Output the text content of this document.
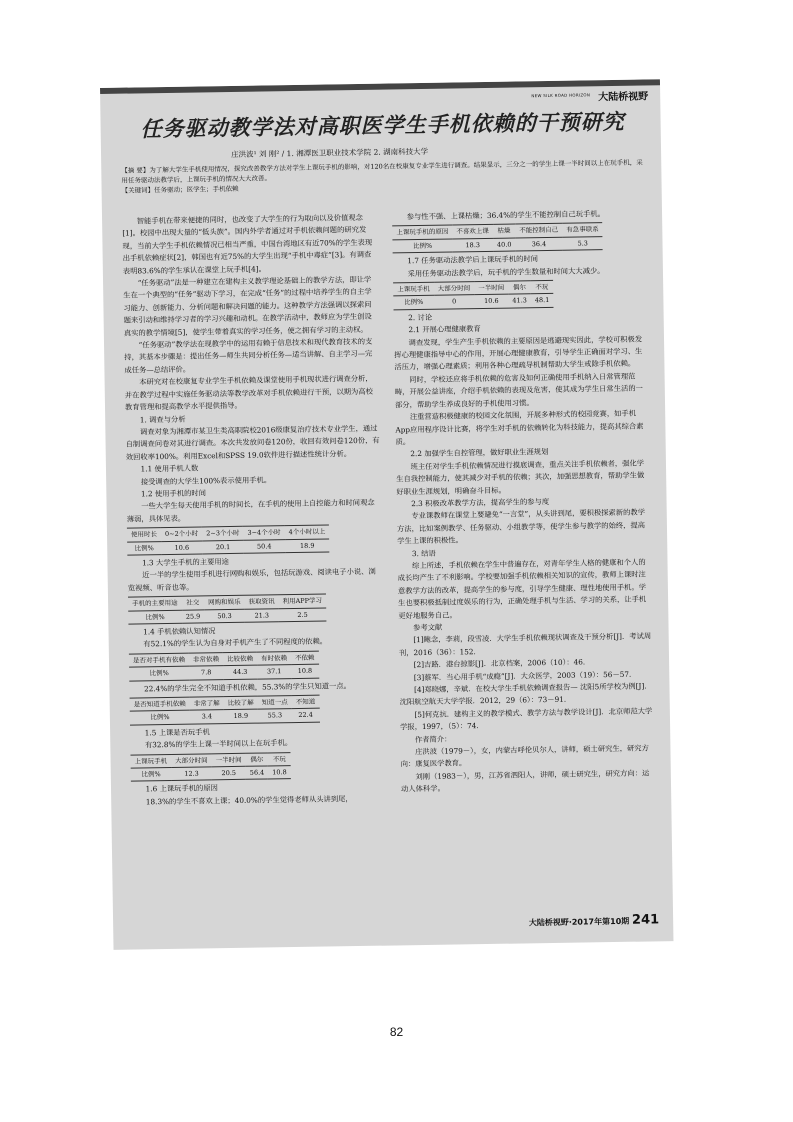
NEW SILK ROAD HORIZON 大陆桥视野
任务驱动教学法对高职医学生手机依赖的干预研究
庄洪波¹ 刘 刚² / 1. 湘潭医卫职业技术学院 2. 湖南科技大学
【摘 要】为了解大学生手机使用情况，探究改善教学方法对学生上课玩手机的影响，对120名在校康复专业学生进行调查。结果显示，三分之一的学生上课一半时间以上在玩手机，采用任务驱动法教学后，上课玩手机的情况大大改善。
【关键词】任务驱动；医学生；手机依赖

智能手机在带来便捷的同时，也改变了大学生的行为取向以及价值观念[1]。校园中出现大量的“低头族”。国内外学者通过对手机依赖问题的研究发现，当前大学生手机依赖情况已相当严重，中国台湾地区有近70%的学生表现出手机依赖症状[2]，韩国也有近75%的大学生出现“手机中毒症”[3]。有调查表明83.6%的学生承认在课堂上玩手机[4]。

“任务驱动”法是一种建立在建构主义教学理论基础上的教学方法，即让学生在一个典型的“任务”驱动下学习，在完成“任务”的过程中培养学生的自主学习能力、创新能力、分析问题和解决问题的能力。这种教学方法强调以探索问题来引动和维持学习者的学习兴趣和动机。在教学活动中，教师应为学生创设真实的教学情境[5]，使学生带着真实的学习任务，使之拥有学习的主动权。

“任务驱动”教学法在现教学中的运用有赖于信息技术和现代教育技术的支持，其基本步骤是：提出任务—师生共同分析任务—适当讲解、自主学习—完成任务—总结评价。

本研究对在校康复专业学生手机依赖及课堂使用手机现状进行调查分析，并在教学过程中实施任务驱动法等教学改革对手机依赖进行干预，以期为高校教育管理和提高教学水平提供指导。

1. 调查与分析

调查对象为湘潭市某卫生类高职院校2016级康复治疗技术专业学生，通过自制调查问卷对其进行调查。本次共发放问卷120份，收回有效问卷120份，有效回收率100%。利用Excel和SPSS 19.0软件进行描述性统计分析。

1.1 使用手机人数

接受调查的大学生100%表示使用手机。

1.2 使用手机的时间

一些大学生每天使用手机的时间长，在手机的使用上自控能力和时间观念薄弱，具体见表。

使用时长	0~2个小时	2~3个小时	3~4个小时	4个小时以上
比例%	10.6	20.1	50.4	18.9

1.3 大学生手机的主要用途

近一半的学生使用手机进行网购和娱乐，包括玩游戏、阅读电子小说、浏览视频、听音也等。

手机的主要用途	社交	网购和娱乐	获取资讯	利用APP学习
比例%	25.9	50.3	21.3	2.5

1.4 手机依赖认知情况

有52.1%的学生认为自身对手机产生了不同程度的依赖。

是否对手机有依赖	非常依赖	比较依赖	有时依赖	不依赖
比例%	7.8	44.3	37.1	10.8

22.4%的学生完全不知道手机依赖，55.3%的学生只知道一点。

是否知道手机依赖	非常了解	比较了解	知道一点	不知道
比例%	3.4	18.9	55.3	22.4

1.5 上课是否玩手机

有32.8%的学生上课一半时间以上在玩手机。

上课玩手机	大部分时间	一半时间	偶尔	不玩
比例%	12.3	20.5	56.4	10.8

1.6 上课玩手机的原因

18.3%的学生不喜欢上课；40.0%的学生觉得老师从头讲到尾，

参与性不强、上课枯燥；36.4%的学生不能控制自己玩手机。

上课玩手机的原因	不喜欢上课	枯燥	不能控制自己	有急事联系
比例%	18.3	40.0	36.4	5.3

1.7 任务驱动法教学后上课玩手机的时间

采用任务驱动法教学后，玩手机的学生数量和时间大大减少。

上课玩手机	大部分时间	一半时间	偶尔	不玩
比例%	0	10.6	41.3	48.1

2. 讨论

2.1 开展心理健康教育

调查发现，学生产生手机依赖的主要原因是逃避现实因此，学校可积极发挥心理健康指导中心的作用，开展心理健康教育，引导学生正确面对学习、生活压力，增强心理素质；利用各种心理疏导机制帮助大学生戒除手机依赖。

同时，学校还应将手机依赖的危害及如何正确使用手机纳入日常管理范畴，开展公益讲座，介绍手机依赖的表现及危害，使其成为学生日常生活的一部分，帮助学生养成良好的手机使用习惯。

注重营造积极健康的校园文化氛围，开展多种形式的校园竞赛，如手机App应用程序设计比赛，将学生对手机的依赖转化为科技能力，提高其综合素质。

2.2 加强学生自控管理，做好职业生涯规划

班主任对学生手机依赖情况进行摸底调查，重点关注手机依赖者，强化学生自我控制能力，使其减少对手机的依赖；其次，加强思想教育，帮助学生做好职业生涯规划，明确奋斗目标。

2.3 积极改革教学方法，提高学生的参与度

专业课教师在课堂上要避免“一言堂”，从头讲到尾，要积极探索新的教学方法，比如案例教学、任务驱动、小组教学等，使学生参与教学的始终，提高学生上课的积极性。

3. 结语

综上所述，手机依赖在学生中普遍存在，对青年学生人格的健康和个人的成长均产生了不利影响。学校要加强手机依赖相关知识的宣传，教师上课时注意教学方法的改革，提高学生的参与度，引导学生健康、理性地使用手机。学生也要积极抵制过度娱乐的行为，正确处理手机与生活、学习的关系，让手机更好地服务自己。

参考文献

[1]鲍念，李莉，段雪凌．大学生手机依赖现状调查及干预分析[J]．考试周刊，2016（36）：152．

[2]吉路．港台掠影[J]．北京档案，2006（10）：46．

[3]蔡军．当心用手机“成瘾”[J]．大众医学，2003（19）：56－57．

[4]郑晓娜，辛斌．在校大学生手机依赖调查报告— 沈阳5所学校为例[J]．沈阳航空航天大学学报．2012，29（6）：73－91．

[5]何克抗．建构主义的教学模式、教学方法与教学设计[J]．北京师范大学学报，1997，（5）：74．

作者简介：

庄洪波（1979－），女，内蒙古呼伦贝尔人，讲师，硕士研究生，研究方向：康复医学教育。

刘刚（1983－），男，江苏省泗阳人，讲师，硕士研究生，研究方向：运动人体科学。

大陆桥视野·2017年第10期 241
82
